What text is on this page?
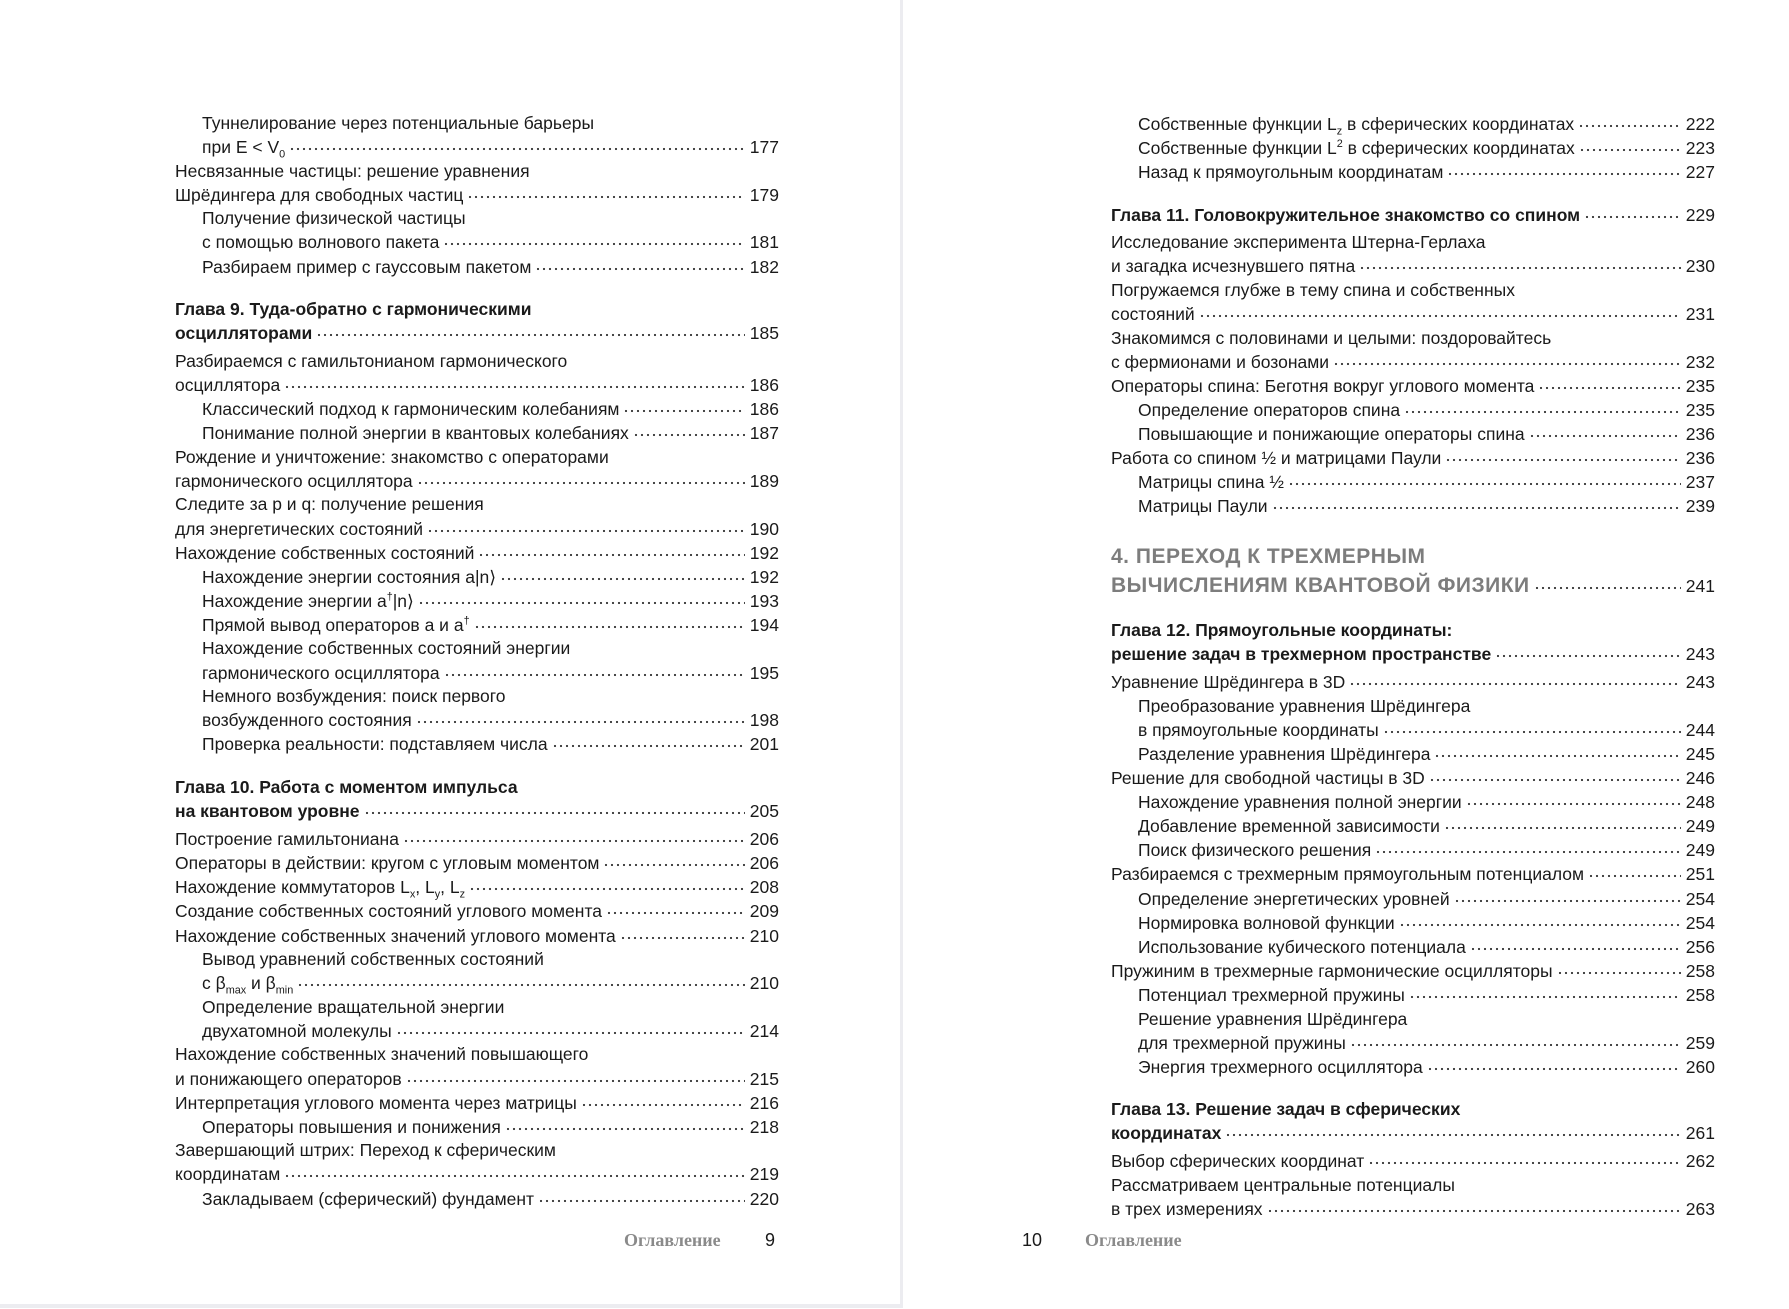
Туннелирование через потенциальные барьеры
при $E < V_0$	177
Несвязанные частицы: решение уравнения
Шрёдингера для свободных частиц	179
Получение физической частицы
с помощью волнового пакета	181
Разбираем пример с гауссовым пакетом	182
Глава 9. Туда-обратно с гармоническими
осцилляторами	185
Разбираемся с гамильтонианом гармонического
осциллятора	186
Классический подход к гармоническим колебаниям	186
Понимание полной энергии в квантовых колебаниях	187
Рождение и уничтожение: знакомство с операторами
гармонического осциллятора	189
Следите за p и q: получение решения
для энергетических состояний	190
Нахождение собственных состояний	192
Нахождение энергии состояния a|n⟩	192
Нахождение энергии a†|n⟩	193
Прямой вывод операторов a и a†	194
Нахождение собственных состояний энергии
гармонического осциллятора	195
Немного возбуждения: поиск первого
возбужденного состояния	198
Проверка реальности: подставляем числа	201
Глава 10. Работа с моментом импульса
на квантовом уровне	205
Построение гамильтониана	206
Операторы в действии: кругом с угловым моментом	206
Нахождение коммутаторов $L_x$, $L_y$, $L_z$	208
Создание собственных состояний углового момента	209
Нахождение собственных значений углового момента	210
Вывод уравнений собственных состояний
с $\beta_{max}$ и $\beta_{min}$	210
Определение вращательной энергии
двухатомной молекулы	214
Нахождение собственных значений повышающего
и понижающего операторов	215
Интерпретация углового момента через матрицы	216
Операторы повышения и понижения	218
Завершающий штрих: Переход к сферическим
координатам	219
Закладываем (сферический) фундамент	220
Собственные функции $L_z$ в сферических координатах	222
Собственные функции $L^2$ в сферических координатах	223
Назад к прямоугольным координатам	227
Глава 11. Головокружительное знакомство со спином	229
Исследование эксперимента Штерна-Герлаха
и загадка исчезнувшего пятна	230
Погружаемся глубже в тему спина и собственных
состояний	231
Знакомимся с половинами и целыми: поздоровайтесь
с фермионами и бозонами	232
Операторы спина: Беготня вокруг углового момента	235
Определение операторов спина	235
Повышающие и понижающие операторы спина	236
Работа со спином ½ и матрицами Паули	236
Матрицы спина ½	237
Матрицы Паули	239
4. ПЕРЕХОД К ТРЕХМЕРНЫМ
ВЫЧИСЛЕНИЯМ КВАНТОВОЙ ФИЗИКИ	241
Глава 12. Прямоугольные координаты:
решение задач в трехмерном пространстве	243
Уравнение Шрёдингера в 3D	243
Преобразование уравнения Шрёдингера
в прямоугольные координаты	244
Разделение уравнения Шрёдингера	245
Решение для свободной частицы в 3D	246
Нахождение уравнения полной энергии	248
Добавление временной зависимости	249
Поиск физического решения	249
Разбираемся с трехмерным прямоугольным потенциалом	251
Определение энергетических уровней	254
Нормировка волновой функции	254
Использование кубического потенциала	256
Пружиним в трехмерные гармонические осцилляторы	258
Потенциал трехмерной пружины	258
Решение уравнения Шрёдингера
для трехмерной пружины	259
Энергия трехмерного осциллятора	260
Глава 13. Решение задач в сферических
координатах	261
Выбор сферических координат	262
Рассматриваем центральные потенциалы
в трех измерениях	263
Оглавление 9	10 Оглавление
